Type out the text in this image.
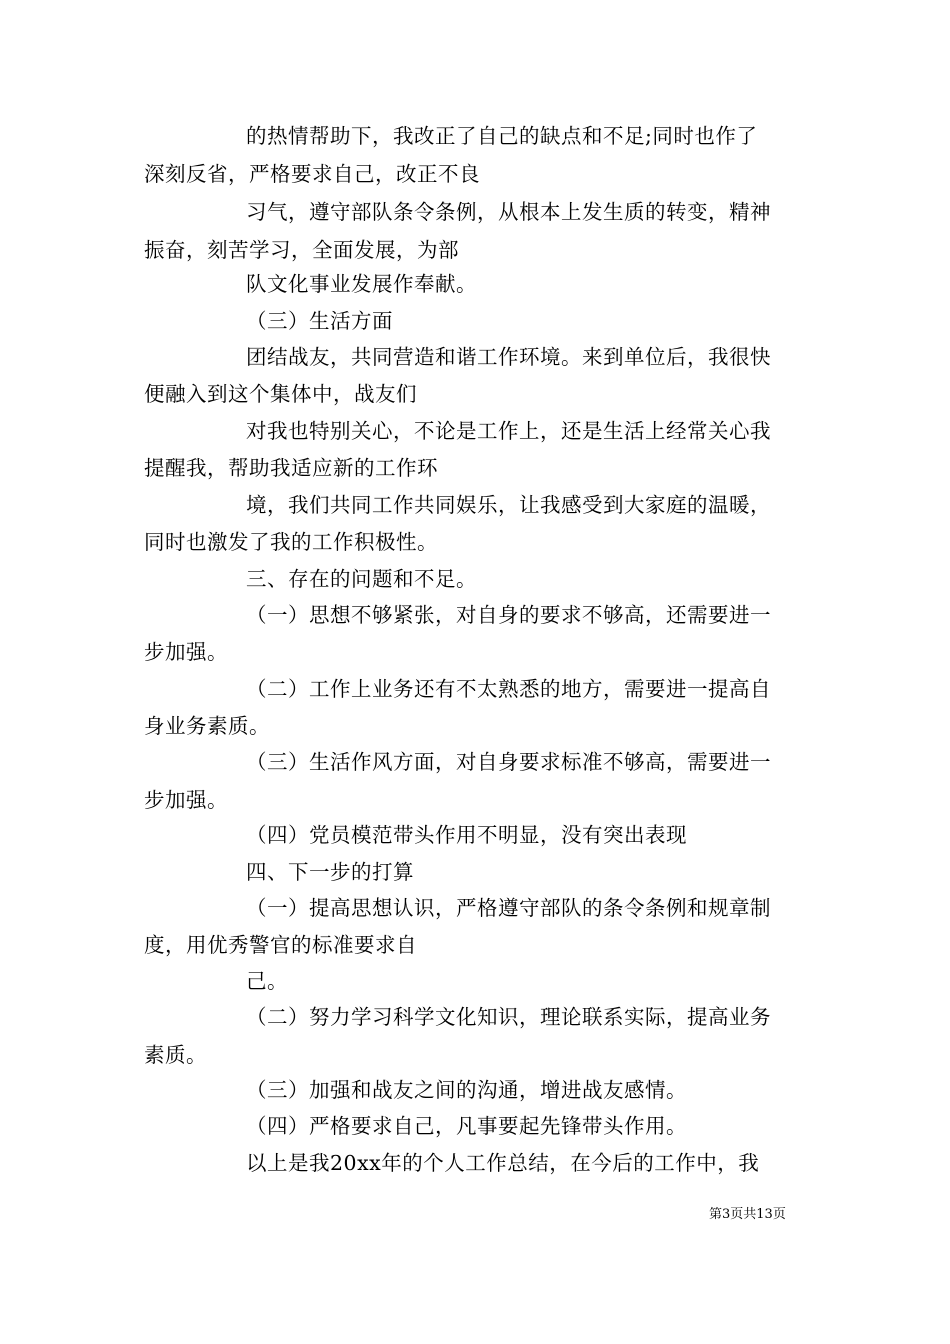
的热情帮助下，我改正了自己的缺点和不足;同时也作了
深刻反省，严格要求自己，改正不良
习气，遵守部队条令条例，从根本上发生质的转变，精神
振奋，刻苦学习，全面发展，为部
队文化事业发展作奉献。
（三）生活方面
团结战友，共同营造和谐工作环境。来到单位后，我很快
便融入到这个集体中，战友们
对我也特别关心，不论是工作上，还是生活上经常关心我
提醒我，帮助我适应新的工作环
境，我们共同工作共同娱乐，让我感受到大家庭的温暖，
同时也激发了我的工作积极性。
三、存在的问题和不足。
（一）思想不够紧张，对自身的要求不够高，还需要进一
步加强。
（二）工作上业务还有不太熟悉的地方，需要进一提高自
身业务素质。
（三）生活作风方面，对自身要求标准不够高，需要进一
步加强。
（四）党员模范带头作用不明显，没有突出表现
四、下一步的打算
（一）提高思想认识，严格遵守部队的条令条例和规章制
度，用优秀警官的标准要求自
己。
（二）努力学习科学文化知识，理论联系实际，提高业务
素质。
（三）加强和战友之间的沟通，增进战友感情。
（四）严格要求自己，凡事要起先锋带头作用。
以上是我20xx年的个人工作总结，在今后的工作中，我
第3页共13页
